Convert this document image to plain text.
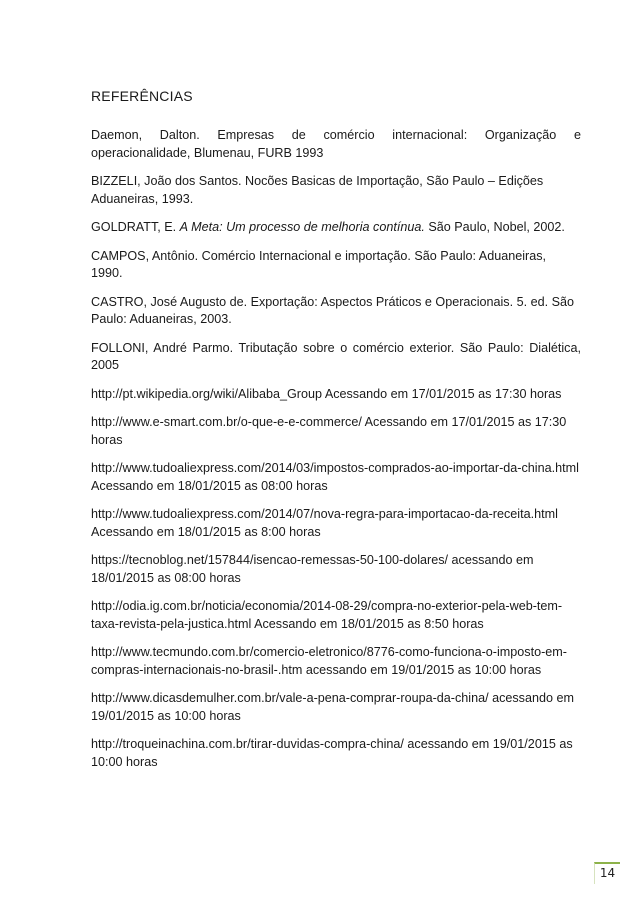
REFERÊNCIAS
Daemon, Dalton. Empresas de comércio internacional: Organização e operacionalidade, Blumenau, FURB 1993
BIZZELI, João dos Santos. Nocões Basicas de Importação, São Paulo – Edições Aduaneiras, 1993.
GOLDRATT, E. A Meta: Um processo de melhoria contínua. São Paulo, Nobel, 2002.
CAMPOS, Antônio. Comércio Internacional e importação. São Paulo: Aduaneiras, 1990.
CASTRO, José Augusto de. Exportação: Aspectos Práticos e Operacionais. 5. ed. São Paulo: Aduaneiras, 2003.
FOLLONI, André Parmo. Tributação sobre o comércio exterior. São Paulo: Dialética, 2005
http://pt.wikipedia.org/wiki/Alibaba_Group Acessando em 17/01/2015 as 17:30 horas
http://www.e-smart.com.br/o-que-e-e-commerce/ Acessando em 17/01/2015 as 17:30 horas
http://www.tudoaliexpress.com/2014/03/impostos-comprados-ao-importar-da-china.html Acessando em 18/01/2015 as 08:00 horas
http://www.tudoaliexpress.com/2014/07/nova-regra-para-importacao-da-receita.html Acessando em 18/01/2015 as 8:00 horas
https://tecnoblog.net/157844/isencao-remessas-50-100-dolares/ acessando em 18/01/2015 as 08:00 horas
http://odia.ig.com.br/noticia/economia/2014-08-29/compra-no-exterior-pela-web-tem-taxa-revista-pela-justica.html Acessando em 18/01/2015 as 8:50 horas
http://www.tecmundo.com.br/comercio-eletronico/8776-como-funciona-o-imposto-em-compras-internacionais-no-brasil-.htm acessando em 19/01/2015 as 10:00 horas
http://www.dicasdemulher.com.br/vale-a-pena-comprar-roupa-da-china/ acessando em 19/01/2015 as 10:00 horas
http://troqueinachina.com.br/tirar-duvidas-compra-china/ acessando em 19/01/2015 as 10:00 horas
14
